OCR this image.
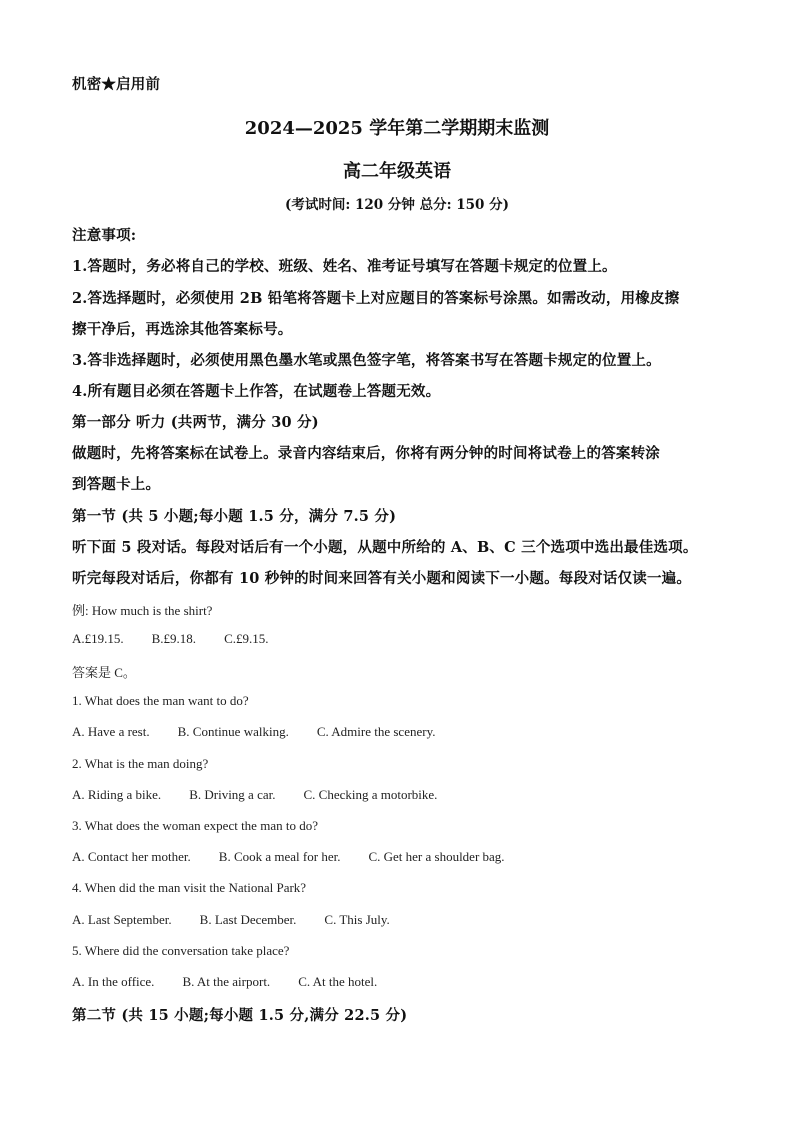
机密★启用前
2024—2025 学年第二学期期末监测
高二年级英语
(考试时间: 120 分钟 总分: 150 分)
注意事项:
1.答题时，务必将自己的学校、班级、姓名、准考证号填写在答题卡规定的位置上。
2.答选择题时，必须使用 2B 铅笔将答题卡上对应题目的答案标号涂黑。如需改动，用橡皮擦
擦干净后，再选涂其他答案标号。
3.答非选择题时，必须使用黑色墨水笔或黑色签字笔，将答案书写在答题卡规定的位置上。
4.所有题目必须在答题卡上作答，在试题卷上答题无效。
第一部分 听力 (共两节，满分 30 分)
做题时，先将答案标在试卷上。录音内容结束后，你将有两分钟的时间将试卷上的答案转涂
到答题卡上。
第一节 (共 5 小题;每小题 1.5 分，满分 7.5 分)
听下面 5 段对话。每段对话后有一个小题，从题中所给的 A、B、C 三个选项中选出最佳选项。
听完每段对话后，你都有 10 秒钟的时间来回答有关小题和阅读下一小题。每段对话仅读一遍。
例: How much is the shirt?
A.£19.15. B.£9.18. C.£9.15.
答案是 C。
1. What does the man want to do?
A. Have a rest. B. Continue walking. C. Admire the scenery.
2. What is the man doing?
A. Riding a bike. B. Driving a car. C. Checking a motorbike.
3. What does the woman expect the man to do?
A. Contact her mother. B. Cook a meal for her. C. Get her a shoulder bag.
4. When did the man visit the National Park?
A. Last September. B. Last December. C. This July.
5. Where did the conversation take place?
A. In the office. B. At the airport. C. At the hotel.
第二节 (共 15 小题;每小题 1.5 分,满分 22.5 分)
